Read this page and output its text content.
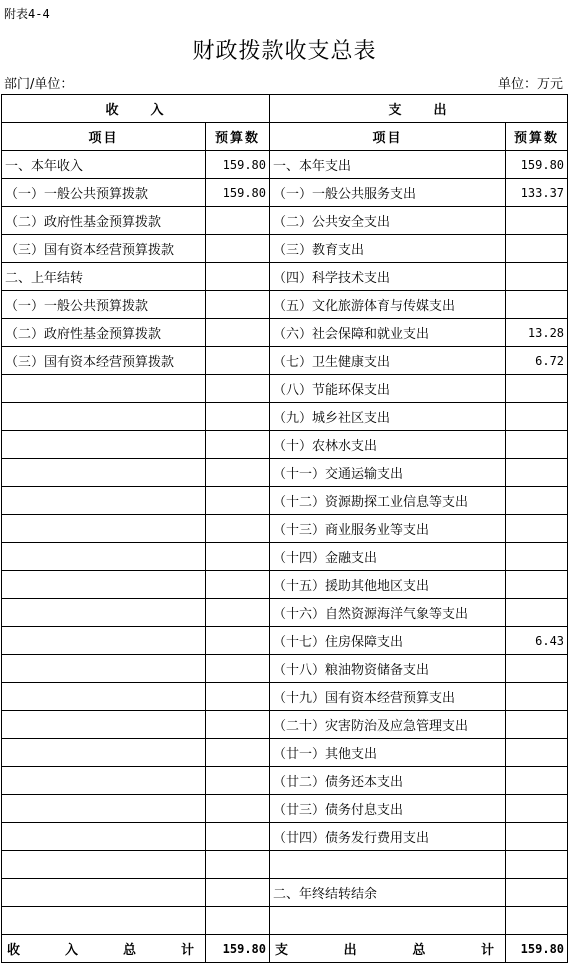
附表4-4
财政拨款收支总表
部门/单位：	单位：万元
收　　入		支　　出	
项目	预算数	项目	预算数
一、本年收入	159.80	一、本年支出	159.80
（一）一般公共预算拨款	159.80	（一）一般公共服务支出	133.37
（二）政府性基金预算拨款		（二）公共安全支出	
（三）国有资本经营预算拨款		（三）教育支出	
二、上年结转		（四）科学技术支出	
（一）一般公共预算拨款		（五）文化旅游体育与传媒支出	
（二）政府性基金预算拨款		（六）社会保障和就业支出	13.28
（三）国有资本经营预算拨款		（七）卫生健康支出	6.72
		（八）节能环保支出	
		（九）城乡社区支出	
		（十）农林水支出	
		（十一）交通运输支出	
		（十二）资源勘探工业信息等支出	
		（十三）商业服务业等支出	
		（十四）金融支出	
		（十五）援助其他地区支出	
		（十六）自然资源海洋气象等支出	
		（十七）住房保障支出	6.43
		（十八）粮油物资储备支出	
		（十九）国有资本经营预算支出	
		（二十）灾害防治及应急管理支出	
		（廿一）其他支出	
		（廿二）债务还本支出	
		（廿三）债务付息支出	
		（廿四）债务发行费用支出	

		二、年终结转结余	

收 入 总 计	159.80	支 出 总 计	159.80
